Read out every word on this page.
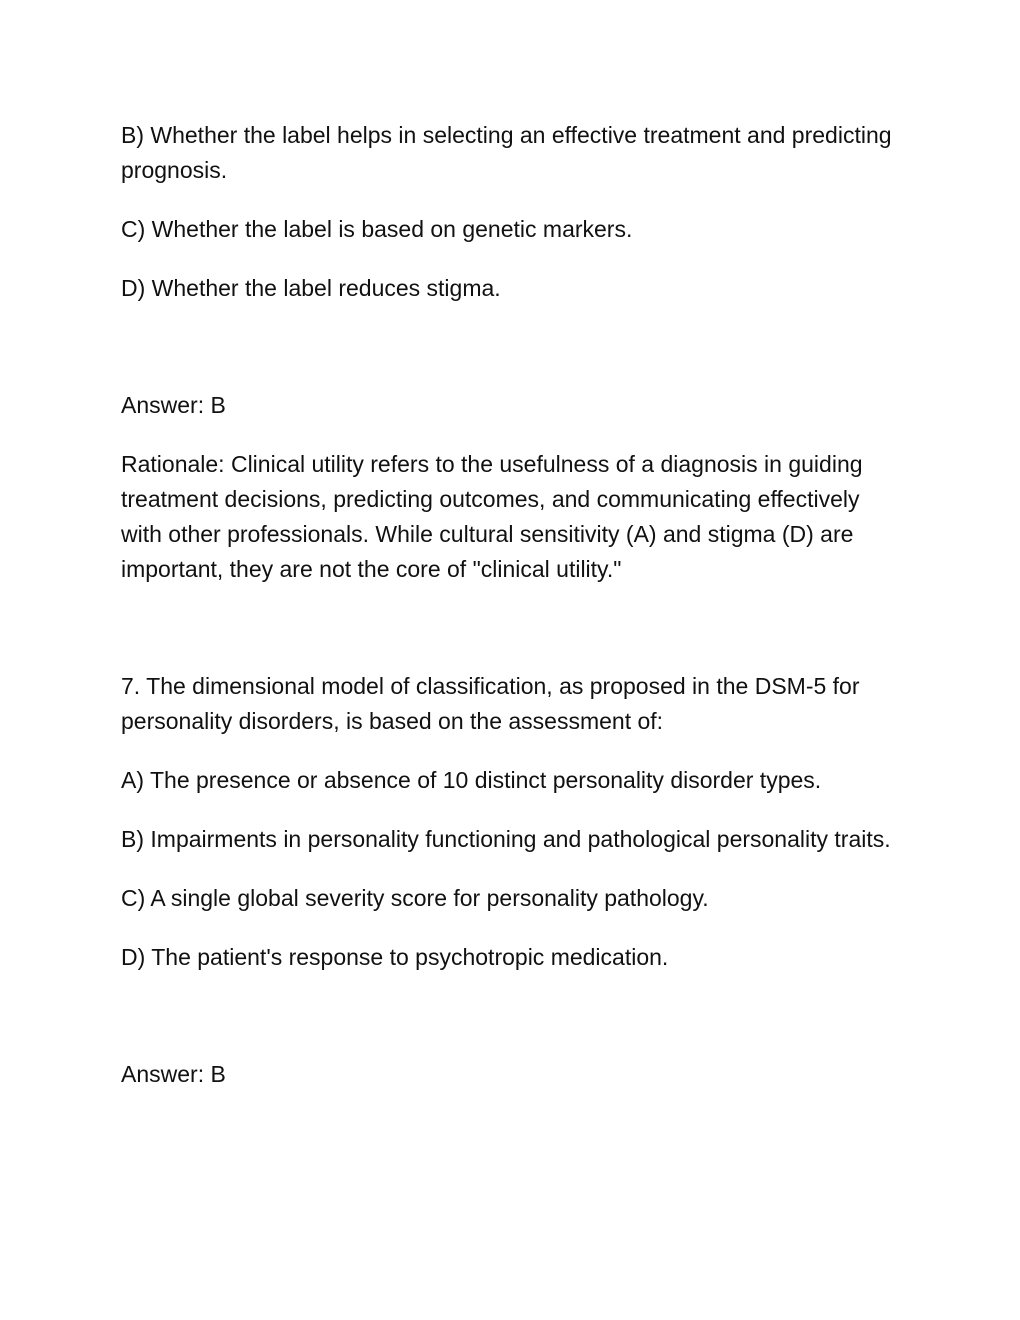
B) Whether the label helps in selecting an effective treatment and predicting prognosis.

C) Whether the label is based on genetic markers.

D) Whether the label reduces stigma.

Answer: B

Rationale: Clinical utility refers to the usefulness of a diagnosis in guiding treatment decisions, predicting outcomes, and communicating effectively with other professionals. While cultural sensitivity (A) and stigma (D) are important, they are not the core of "clinical utility."

7. The dimensional model of classification, as proposed in the DSM-5 for personality disorders, is based on the assessment of:

A) The presence or absence of 10 distinct personality disorder types.

B) Impairments in personality functioning and pathological personality traits.

C) A single global severity score for personality pathology.

D) The patient's response to psychotropic medication.

Answer: B
